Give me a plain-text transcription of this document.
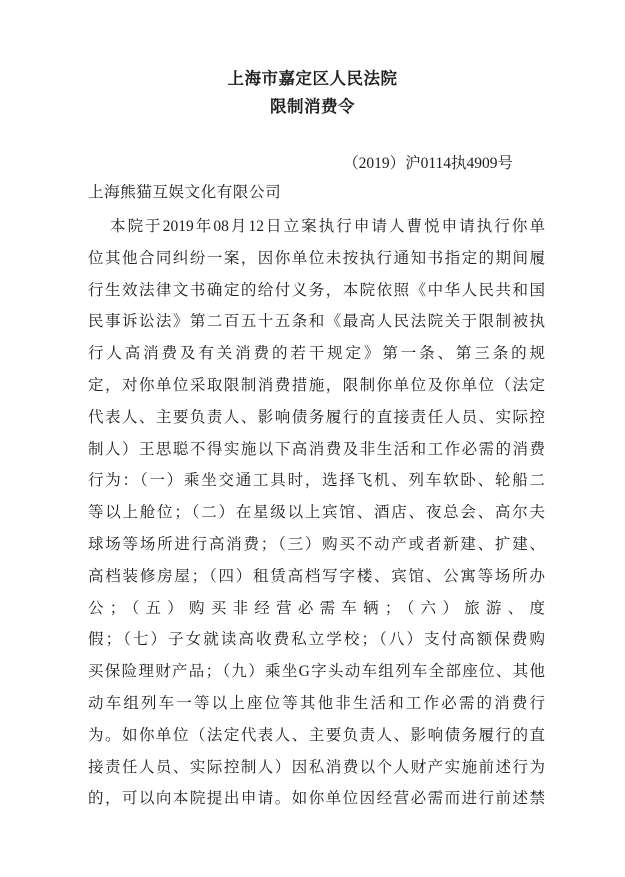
上海市嘉定区人民法院
限制消费令
（2019）沪0114执4909号
上海熊猫互娱文化有限公司
本院于2019年08月12日立案执行申请人曹悦申请执行你单
位其他合同纠纷一案，因你单位未按执行通知书指定的期间履
行生效法律文书确定的给付义务，本院依照《中华人民共和国
民事诉讼法》第二百五十五条和《最高人民法院关于限制被执
行人高消费及有关消费的若干规定》第一条、第三条的规
定，对你单位采取限制消费措施，限制你单位及你单位（法定
代表人、主要负责人、影响债务履行的直接责任人员、实际控
制人）王思聪不得实施以下高消费及非生活和工作必需的消费
行为：（一）乘坐交通工具时，选择飞机、列车软卧、轮船二
等以上舱位；（二）在星级以上宾馆、酒店、夜总会、高尔夫
球场等场所进行高消费；（三）购买不动产或者新建、扩建、
高档装修房屋；（四）租赁高档写字楼、宾馆、公寓等场所办
公；（五）购买非经营必需车辆；（六）旅游、度
假；（七）子女就读高收费私立学校；（八）支付高额保费购
买保险理财产品；（九）乘坐G字头动车组列车全部座位、其他
动车组列车一等以上座位等其他非生活和工作必需的消费行
为。如你单位（法定代表人、主要负责人、影响债务履行的直
接责任人员、实际控制人）因私消费以个人财产实施前述行为
的，可以向本院提出申请。如你单位因经营必需而进行前述禁
